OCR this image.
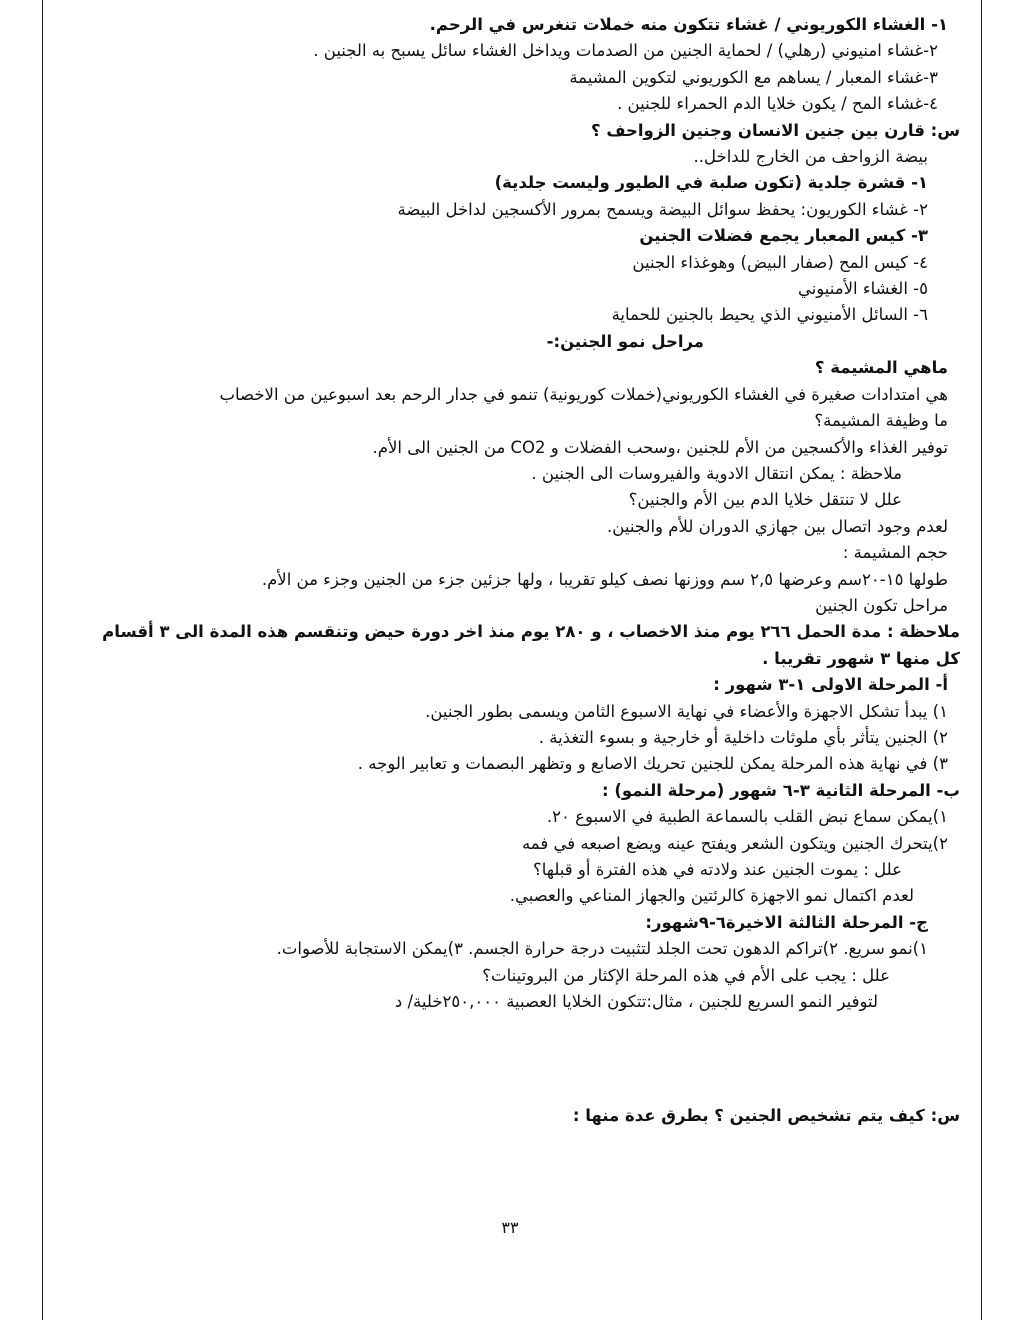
١- الغشاء الكوريوني / غشاء تتكون منه خملات تنغرس في الرحم.
٢-غشاء امنيوني (رهلي) / لحماية الجنين من الصدمات ويداخل الغشاء سائل يسبح به الجنين .
٣-غشاء المعبار / يساهم مع الكوريوني لتكوين المشيمة
٤-غشاء المح / يكون خلايا الدم الحمراء للجنين .
س: قارن بين جنين الانسان وجنين الزواحف ؟
بيضة الزواحف من الخارج للداخل..
١- قشرة جلدية (تكون صلبة في الطيور وليست جلدية)
٢- غشاء الكوريون: يحفظ سوائل البيضة ويسمح بمرور الأكسجين لداخل البيضة
٣- كيس المعبار يجمع فضلات الجنين
٤- كيس المح (صفار البيض) وهوغذاء الجنين
٥- الغشاء الأمنيوني
٦- السائل الأمنيوني الذي يحيط بالجنين للحماية
مراحل نمو الجنين:-
ماهي المشيمة ؟
هي امتدادات صغيرة في الغشاء الكوريوني(خملات كوريونية) تنمو في جدار الرحم بعد اسبوعين من الاخصاب
ما وظيفة المشيمة؟
توفير الغذاء والأكسجين من الأم للجنين ،وسحب الفضلات و CO2 من الجنين الى الأم.
ملاحظة : يمكن انتقال الادوية والفيروسات الى الجنين .
علل لا تنتقل خلايا الدم بين الأم والجنين؟
لعدم وجود اتصال بين جهازي الدوران للأم والجنين.
حجم المشيمة :
طولها ١٥-٢٠سم وعرضها ٢,٥ سم ووزنها نصف كيلو تقريبا ، ولها جزئين جزء من الجنين وجزء من الأم.
مراحل تكون الجنين
ملاحظة : مدة الحمل ٢٦٦ يوم منذ الاخصاب ، و ٢٨٠ يوم منذ اخر دورة حيض وتنقسم هذه المدة الى ٣ أقسام
كل منها ٣ شهور تقريبا .
أ- المرحلة الاولى ١-٣ شهور :
١) يبدأ تشكل الاجهزة والأعضاء في نهاية الاسبوع الثامن ويسمى بطور الجنين.
٢) الجنين يتأثر بأي ملوثات داخلية أو خارجية و بسوء التغذية .
٣) في نهاية هذه المرحلة يمكن للجنين تحريك الاصابع و وتظهر البصمات و تعابير الوجه .
ب- المرحلة الثانية ٣-٦ شهور (مرحلة النمو) :
١)يمكن سماع نبض القلب بالسماعة الطبية في الاسبوع ٢٠.
٢)يتحرك الجنين ويتكون الشعر ويفتح عينه ويضع اصبعه في فمه
علل : يموت الجنين عند ولادته في هذه الفترة أو قبلها؟
لعدم اكتمال نمو الاجهزة كالرئتين والجهاز المناعي والعصبي.
ج- المرحلة الثالثة الاخيرة٦-٩شهور:
١)نمو سريع. ٢)تراكم الدهون تحت الجلد لتثبيت درجة حرارة الجسم. ٣)يمكن الاستجابة للأصوات.
علل : يجب على الأم في هذه المرحلة الإكثار من البروتينات؟
لتوفير النمو السريع للجنين ، مثال:تتكون الخلايا العصبية ٢٥٠,٠٠٠خلية/ د
س: كيف يتم تشخيص الجنين ؟ بطرق عدة منها :
٣٣
